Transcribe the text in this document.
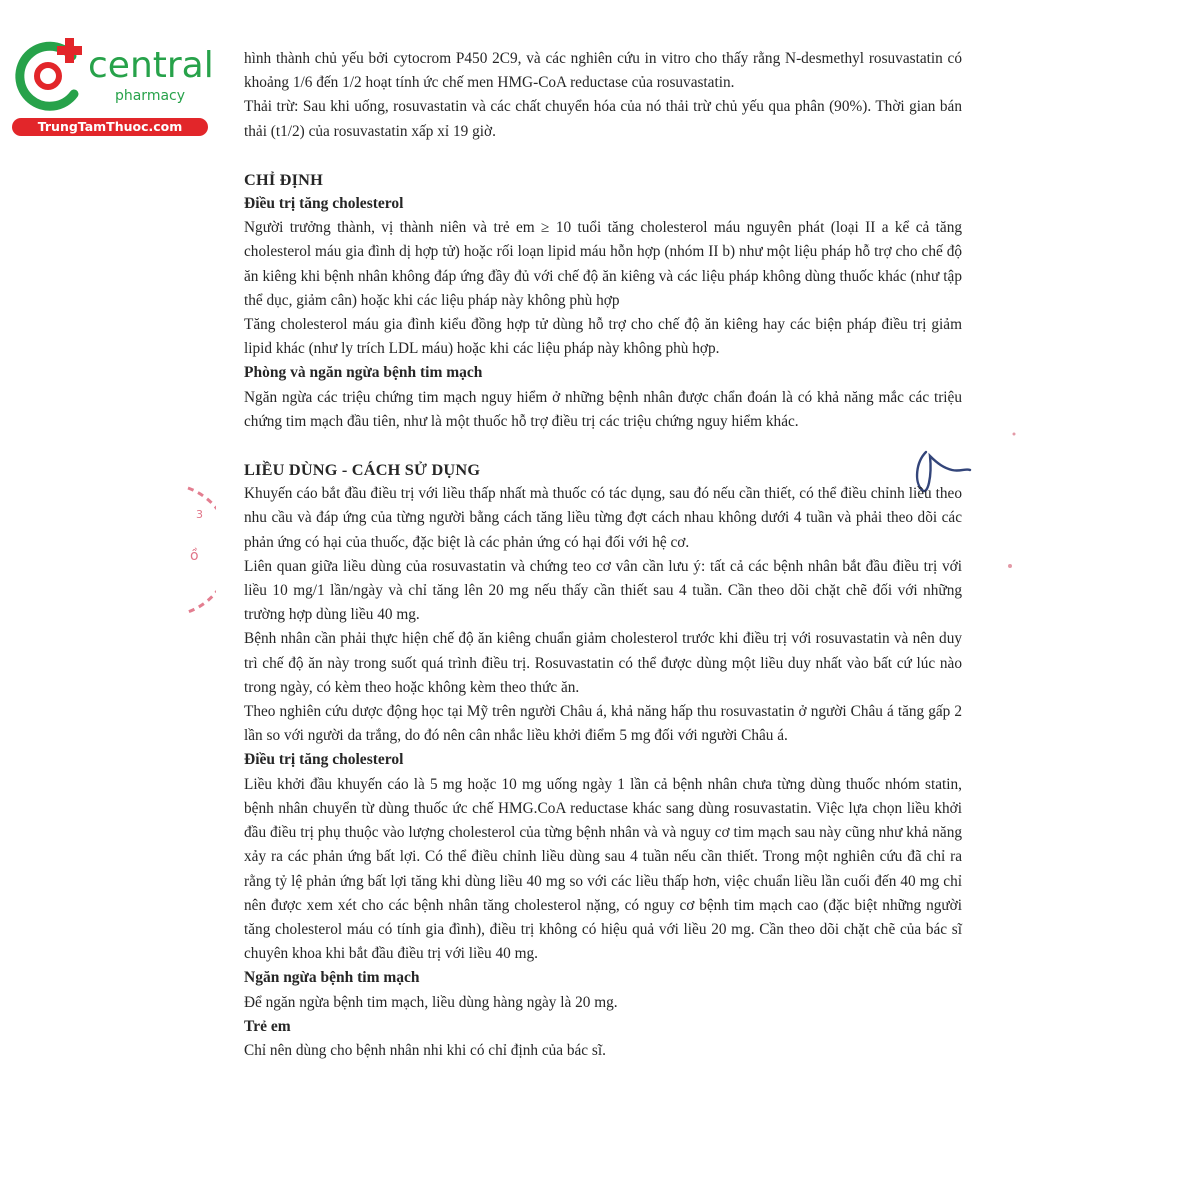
central
pharmacy
TrungTamThuoc.com
ồ
3

hình thành chủ yếu bởi cytocrom P450 2C9, và các nghiên cứu in vitro cho thấy rằng N-desmethyl rosuvastatin có khoảng 1/6 đến 1/2 hoạt tính ức chế men HMG-CoA reductase của rosuvastatin.

Thải trừ: Sau khi uống, rosuvastatin và các chất chuyển hóa của nó thải trừ chủ yếu qua phân (90%). Thời gian bán thải (t1/2) của rosuvastatin xấp xỉ 19 giờ.

CHỈ ĐỊNH
Điều trị tăng cholesterol

Người trưởng thành, vị thành niên và trẻ em ≥ 10 tuổi tăng cholesterol máu nguyên phát (loại II a kể cả tăng cholesterol máu gia đình dị hợp tử) hoặc rối loạn lipid máu hỗn hợp (nhóm II b) như một liệu pháp hỗ trợ cho chế độ ăn kiêng khi bệnh nhân không đáp ứng đầy đủ với chế độ ăn kiêng và các liệu pháp không dùng thuốc khác (như tập thể dục, giảm cân) hoặc khi các liệu pháp này không phù hợp

Tăng cholesterol máu gia đình kiểu đồng hợp tử dùng hỗ trợ cho chế độ ăn kiêng hay các biện pháp điều trị giảm lipid khác (như ly trích LDL máu) hoặc khi các liệu pháp này không phù hợp.

Phòng và ngăn ngừa bệnh tim mạch

Ngăn ngừa các triệu chứng tim mạch nguy hiểm ở những bệnh nhân được chẩn đoán là có khả năng mắc các triệu chứng tim mạch đầu tiên, như là một thuốc hỗ trợ điều trị các triệu chứng nguy hiểm khác.

LIỀU DÙNG - CÁCH SỬ DỤNG

Khuyến cáo bắt đầu điều trị với liều thấp nhất mà thuốc có tác dụng, sau đó nếu cần thiết, có thể điều chỉnh liều theo nhu cầu và đáp ứng của từng người bằng cách tăng liều từng đợt cách nhau không dưới 4 tuần và phải theo dõi các phản ứng có hại của thuốc, đặc biệt là các phản ứng có hại đối với hệ cơ.

Liên quan giữa liều dùng của rosuvastatin và chứng teo cơ vân cần lưu ý: tất cả các bệnh nhân bắt đầu điều trị với liều 10 mg/1 lần/ngày và chỉ tăng lên 20 mg nếu thấy cần thiết sau 4 tuần. Cần theo dõi chặt chẽ đối với những trường hợp dùng liều 40 mg.

Bệnh nhân cần phải thực hiện chế độ ăn kiêng chuẩn giảm cholesterol trước khi điều trị với rosuvastatin và nên duy trì chế độ ăn này trong suốt quá trình điều trị. Rosuvastatin có thể được dùng một liều duy nhất vào bất cứ lúc nào trong ngày, có kèm theo hoặc không kèm theo thức ăn.

Theo nghiên cứu dược động học tại Mỹ trên người Châu á, khả năng hấp thu rosuvastatin ở người Châu á tăng gấp 2 lần so với người da trắng, do đó nên cân nhắc liều khởi điểm 5 mg đối với người Châu á.

Điều trị tăng cholesterol

Liều khởi đầu khuyến cáo là 5 mg hoặc 10 mg uống ngày 1 lần cả bệnh nhân chưa từng dùng thuốc nhóm statin, bệnh nhân chuyển từ dùng thuốc ức chế HMG.CoA reductase khác sang dùng rosuvastatin. Việc lựa chọn liều khởi đầu điều trị phụ thuộc vào lượng cholesterol của từng bệnh nhân và và nguy cơ tim mạch sau này cũng như khả năng xảy ra các phản ứng bất lợi. Có thể điều chỉnh liều dùng sau 4 tuần nếu cần thiết. Trong một nghiên cứu đã chỉ ra rằng tỷ lệ phản ứng bất lợi tăng khi dùng liều 40 mg so với các liều thấp hơn, việc chuẩn liều lần cuối đến 40 mg chỉ nên được xem xét cho các bệnh nhân tăng cholesterol nặng, có nguy cơ bệnh tim mạch cao (đặc biệt những người tăng cholesterol máu có tính gia đình), điều trị không có hiệu quả với liều 20 mg. Cần theo dõi chặt chẽ của bác sĩ chuyên khoa khi bắt đầu điều trị với liều 40 mg.

Ngăn ngừa bệnh tim mạch

Để ngăn ngừa bệnh tim mạch, liều dùng hàng ngày là 20 mg.

Trẻ em

Chỉ nên dùng cho bệnh nhân nhi khi có chỉ định của bác sĩ.
